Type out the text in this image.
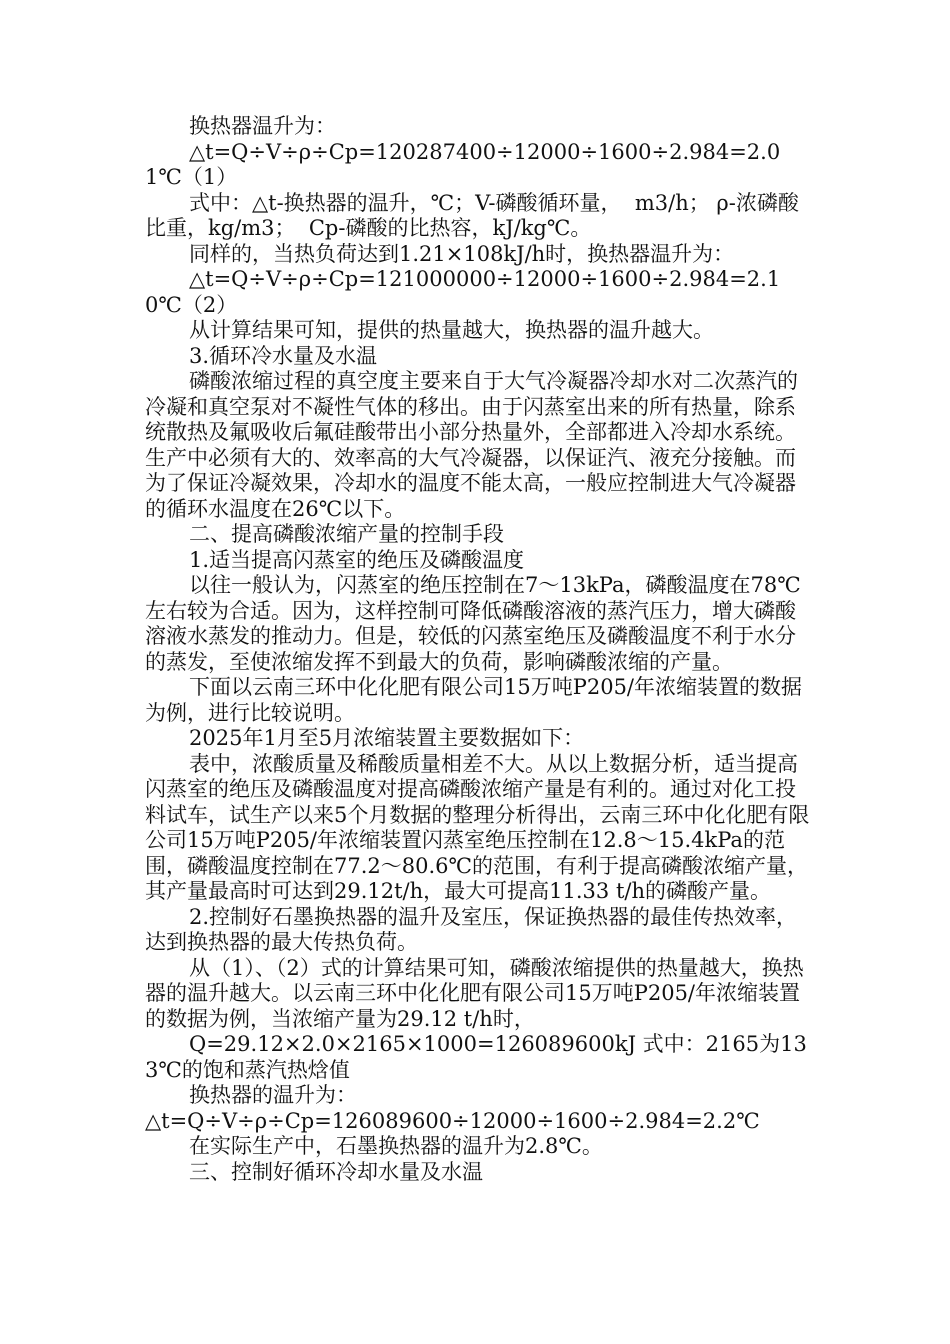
换热器温升为：

△t=Q÷V÷ρ÷Cp=120287400÷12000÷1600÷2.984=2.01℃（1）

式中：△t-换热器的温升，℃；V-磷酸循环量，  m3/h； ρ-浓磷酸比重，kg/m3；  Cp-磷酸的比热容，kJ/kg℃。

同样的，当热负荷达到1.21×108kJ/h时，换热器温升为：

△t=Q÷V÷ρ÷Cp=121000000÷12000÷1600÷2.984=2.10℃（2）

从计算结果可知，提供的热量越大，换热器的温升越大。

3.循环冷水量及水温

磷酸浓缩过程的真空度主要来自于大气冷凝器冷却水对二次蒸汽的冷凝和真空泵对不凝性气体的移出。由于闪蒸室出来的所有热量，除系统散热及氟吸收后氟硅酸带出小部分热量外，全部都进入冷却水系统。生产中必须有大的、效率高的大气冷凝器，以保证汽、液充分接触。而为了保证冷凝效果，冷却水的温度不能太高，一般应控制进大气冷凝器的循环水温度在26℃以下。

二、提高磷酸浓缩产量的控制手段

1.适当提高闪蒸室的绝压及磷酸温度

以往一般认为，闪蒸室的绝压控制在7～13kPa，磷酸温度在78℃左右较为合适。因为，这样控制可降低磷酸溶液的蒸汽压力，增大磷酸溶液水蒸发的推动力。但是，较低的闪蒸室绝压及磷酸温度不利于水分的蒸发，至使浓缩发挥不到最大的负荷，影响磷酸浓缩的产量。

下面以云南三环中化化肥有限公司15万吨P205/年浓缩装置的数据为例，进行比较说明。

2025年1月至5月浓缩装置主要数据如下：

表中，浓酸质量及稀酸质量相差不大。从以上数据分析，适当提高闪蒸室的绝压及磷酸温度对提高磷酸浓缩产量是有利的。通过对化工投料试车，试生产以来5个月数据的整理分析得出，云南三环中化化肥有限公司15万吨P205/年浓缩装置闪蒸室绝压控制在12.8～15.4kPa的范围，磷酸温度控制在77.2～80.6℃的范围，有利于提高磷酸浓缩产量，其产量最高时可达到29.12t/h，最大可提高11.33 t/h的磷酸产量。

2.控制好石墨换热器的温升及室压，保证换热器的最佳传热效率，达到换热器的最大传热负荷。

从（1）、（2）式的计算结果可知，磷酸浓缩提供的热量越大，换热器的温升越大。以云南三环中化化肥有限公司15万吨P205/年浓缩装置的数据为例，当浓缩产量为29.12 t/h时，

Q=29.12×2.0×2165×1000=126089600kJ 式中：2165为133℃的饱和蒸汽热焓值

换热器的温升为：

△t=Q÷V÷ρ÷Cp=126089600÷12000÷1600÷2.984=2.2℃

在实际生产中，石墨换热器的温升为2.8℃。

三、控制好循环冷却水量及水温
